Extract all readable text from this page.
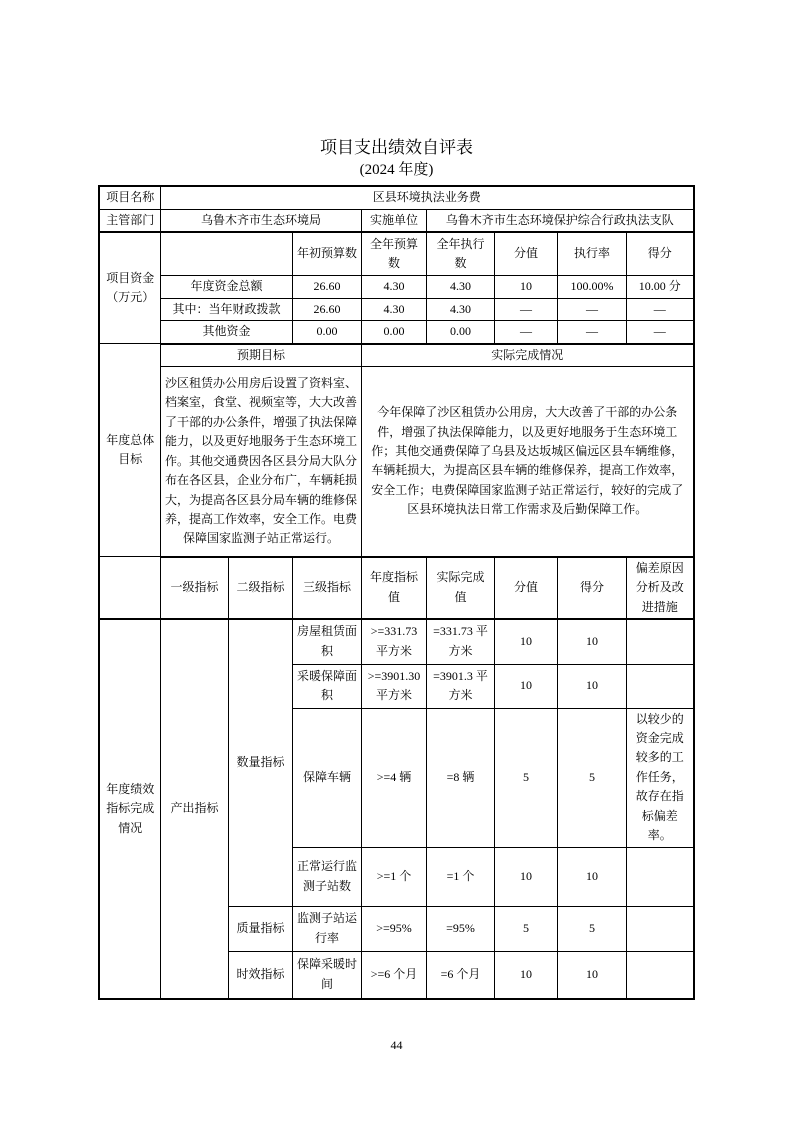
项目支出绩效自评表
(2024 年度)
项目名称	区县环境执法业务费							
主管部门	乌鲁木齐市生态环境局			实施单位	乌鲁木齐市生态环境保护综合行政执法支队			
项目资金（万元）			年初预算数	全年预算数	全年执行数	分值	执行率	得分
	年度资金总额		26.60	4.30	4.30	10	100.00%	10.00 分
	其中：当年财政拨款		26.60	4.30	4.30	—	—	—
	其他资金		0.00	0.00	0.00	—	—	—
年度总体目标	预期目标			实际完成情况				
	沙区租赁办公用房后设置了资料室、档案室，食堂、视频室等，大大改善了干部的办公条件，增强了执法保障能力，以及更好地服务于生态环境工作。其他交通费因各区县分局大队分布在各区县，企业分布广，车辆耗损大，为提高各区县分局车辆的维修保养，提高工作效率，安全工作。电费保障国家监测子站正常运行。			今年保障了沙区租赁办公用房，大大改善了干部的办公条件，增强了执法保障能力，以及更好地服务于生态环境工作；其他交通费保障了乌县及达坂城区偏远区县车辆维修，车辆耗损大，为提高区县车辆的维修保养，提高工作效率，安全工作；电费保障国家监测子站正常运行，较好的完成了区县环境执法日常工作需求及后勤保障工作。				
	一级指标	二级指标	三级指标	年度指标值	实际完成值	分值	得分	偏差原因分析及改进措施
年度绩效指标完成情况	产出指标	数量指标	房屋租赁面积	>=331.73 平方米	=331.73 平方米	10	10	
			采暖保障面积	>=3901.30 平方米	=3901.3 平方米	10	10	
			保障车辆	>=4 辆	=8 辆	5	5	以较少的资金完成较多的工作任务，故存在指标偏差率。
			正常运行监测子站数	>=1 个	=1 个	10	10	
		质量指标	监测子站运行率	>=95%	=95%	5	5	
		时效指标	保障采暖时间	>=6 个月	=6 个月	10	10	
44
